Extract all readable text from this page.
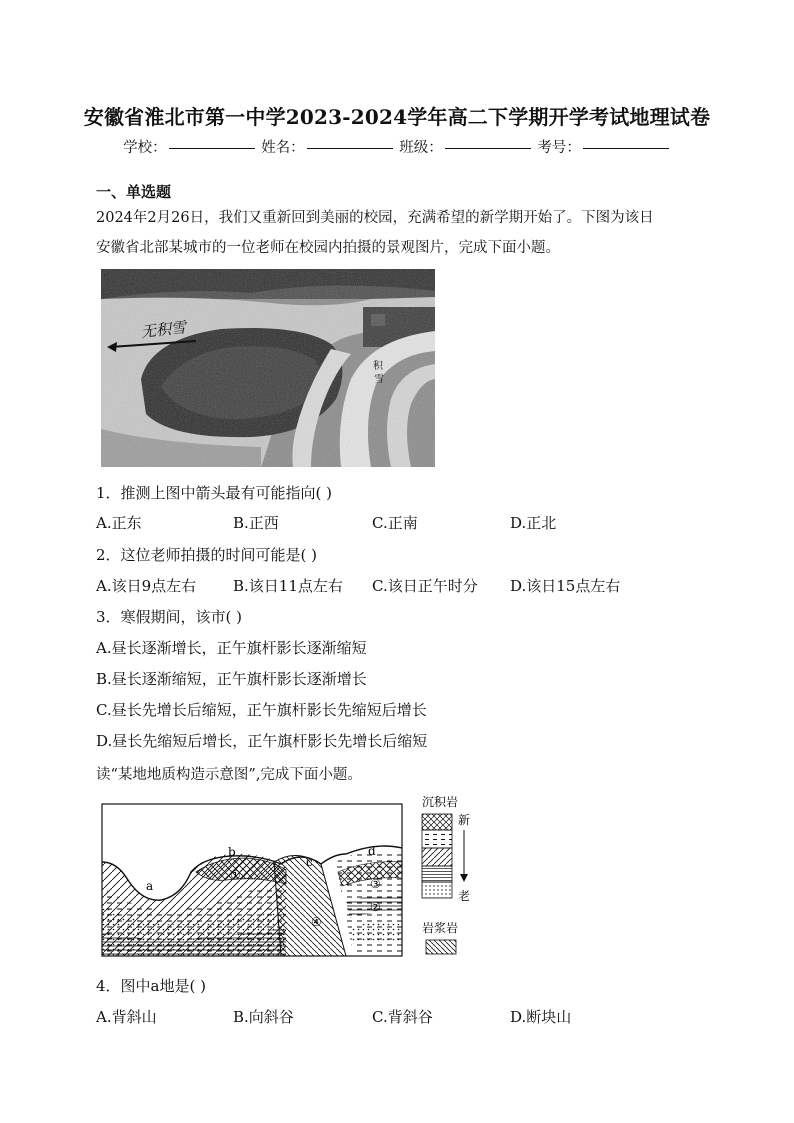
安徽省淮北市第一中学2023-2024学年高二下学期开学考试地理试卷
学校：	姓名：	班级：	考号：
一、单选题
2024年2月26日，我们又重新回到美丽的校园，充满希望的新学期开始了。下图为该日
安徽省北部某城市的一位老师在校园内拍摄的景观图片，完成下面小题。
无积雪
积
雪
1．推测上图中箭头最有可能指向( )
A.正东	B.正西	C.正南	D.正北
2．这位老师拍摄的时间可能是( )
A.该日9点左右 B.该日11点左右 C.该日正午时分 D.该日15点左右
3．寒假期间，该市( )
A.昼长逐渐增长，正午旗杆影长逐渐缩短
B.昼长逐渐缩短，正午旗杆影长逐渐增长
C.昼长先增长后缩短，正午旗杆影长先缩短后增长
D.昼长先缩短后增长，正午旗杆影长先增长后缩短
读“某地地质构造示意图”,完成下面小题。
a
b
c
d
①
②
③
④
沉积岩
新
老
岩浆岩
4．图中a地是( )
A.背斜山	B.向斜谷	C.背斜谷	D.断块山
